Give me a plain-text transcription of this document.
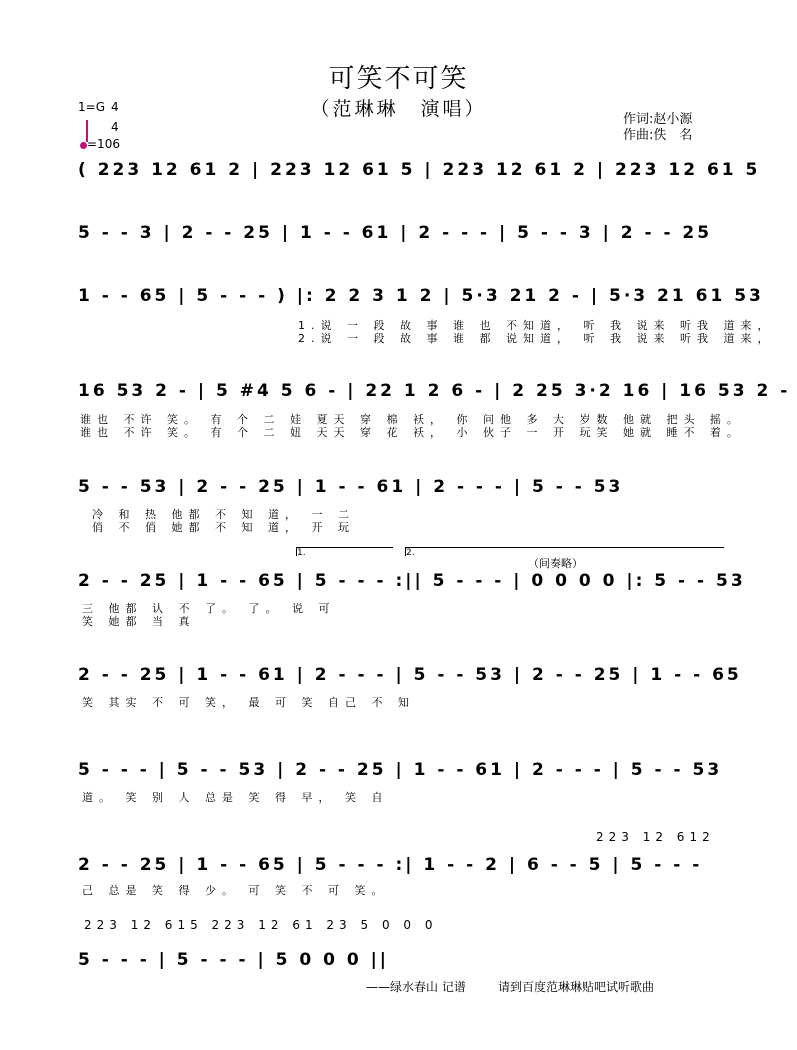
可笑不可笑
（范琳琳　演唱）	作词:赵小源
作曲:佚　名
1=G 4
4
=106
( 223 12 61 2 | 223 12 61 5 | 223 12 61 2 | 223 12 61 5
5 - - 3 | 2 - - 25 | 1 - - 61 | 2 - - - | 5 - - 3 | 2 - - 25
1 - - 65 | 5 - - - ) |: 2 2 3 1 2 | 5·3 21 2 - | 5·3 21 61 53
1.说 一 段 故 事 谁 也 不知道， 听 我 说来 听我 道来，
2.说 一 段 故 事 谁 都 说知道， 听 我 说来 听我 道来，
16 53 2 - | 5 #4 5 6 - | 22 1 2 6 - | 2 25 3·2 16 | 16 53 2 -
谁也 不许 笑。 有 个 二 娃 夏天 穿 棉 袄， 你 问他 多 大 岁数 他就 把头 摇。
谁也 不许 笑。 有 个 二 妞 天天 穿 花 袄， 小 伙子 一 开 玩笑 她就 睡不 着。
5 - - 53 | 2 - - 25 | 1 - - 61 | 2 - - - | 5 - - 53
冷 和 热 他都 不 知 道， 一 二
俏 不 俏 她都 不 知 道， 开 玩
1.	2.
（间奏略）
2 - - 25 | 1 - - 65 | 5 - - - :|| 5 - - - | 0 0 0 0 |: 5 - - 53
三 他都 认 不 了。 了。 说 可
笑 她都 当 真
2 - - 25 | 1 - - 61 | 2 - - - | 5 - - 53 | 2 - - 25 | 1 - - 65
笑 其实 不 可 笑， 最 可 笑 自己 不 知
5 - - - | 5 - - 53 | 2 - - 25 | 1 - - 61 | 2 - - - | 5 - - 53
道。 笑 别 人 总是 笑 得 早， 笑 自
223 12 612
2 - - 25 | 1 - - 65 | 5 - - - :| 1 - - 2 | 6 - - 5 | 5 - - -
己 总是 笑 得 少。 可 笑 不 可 笑。
223 12 615 223 12 61 23 5 0 0 0
5 - - - | 5 - - - | 5 0 0 0 ||
——绿水春山 记谱	请到百度范琳琳贴吧试听歌曲
